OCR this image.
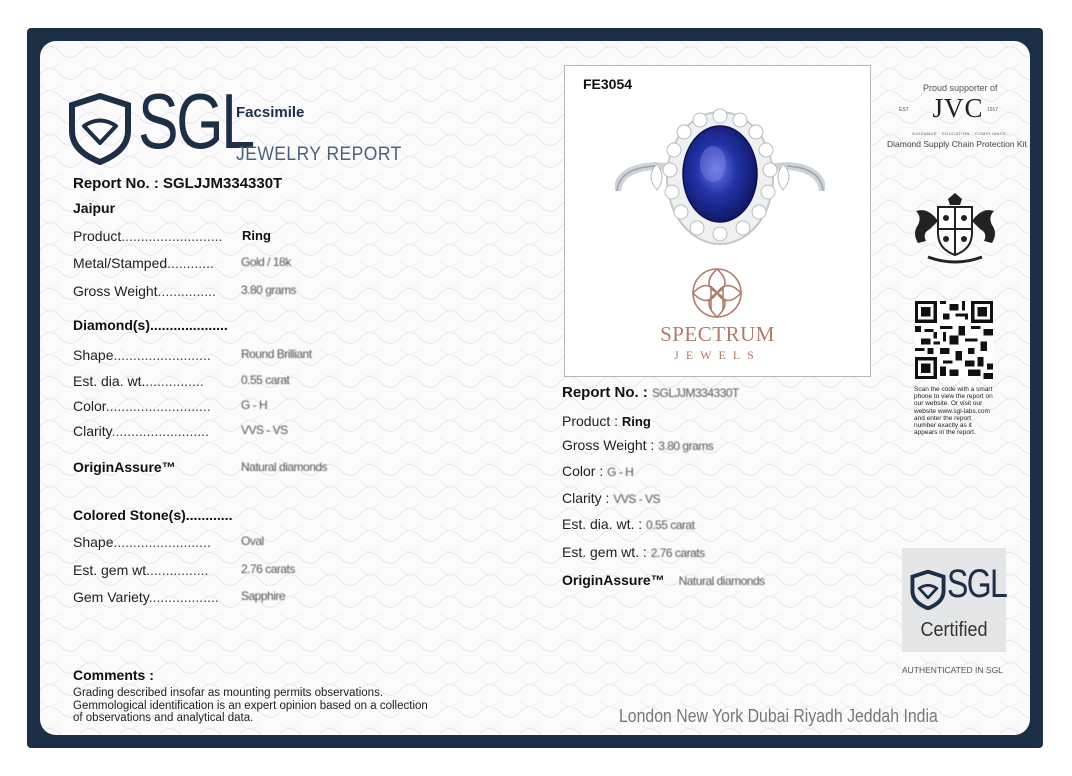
SGL
Facsimile
JEWELRY REPORT
Report No. : SGLJJM334330T
Jaipur
Product.......................... Ring
Metal/Stamped............ Gold / 18k
Gross Weight............... 3.80 grams
Diamond(s)....................
Shape.........................	Round Brilliant
Est. dia. wt................	0.55 carat
Color...........................	G - H
Clarity.........................	VVS - VS
OriginAssure™	Natural diamonds
Colored Stone(s)............
Shape.........................	Oval
Est. gem wt................	2.76 carats
Gem Variety.................. Sapphire
Comments :
Grading described insofar as mounting permits observations. Gemmological identification is an expert opinion based on a collection of observations and analytical data.
FE3054
SPECTRUM
JEWELS
Report No. : SGLJJM334330T
Product : Ring
Gross Weight : 3.80 grams
Color : G - H
Clarity : VVS - VS
Est. dia. wt. : 0.55 carat
Est. gem wt. : 2.76 carats
OriginAssure™ Natural diamonds
Proud supporter of
EST JVC 1917
GUIDANCE · EDUCATION · COMPLIANCE
Diamond Supply Chain Protection Kit
Scan the code with a smart phone to view the report on our website. Or visit our website www.sgl-labs.com and enter the report number exactly as it appears in the report.
SGL
Certified
AUTHENTICATED IN SGL
London New York Dubai Riyadh Jeddah India
